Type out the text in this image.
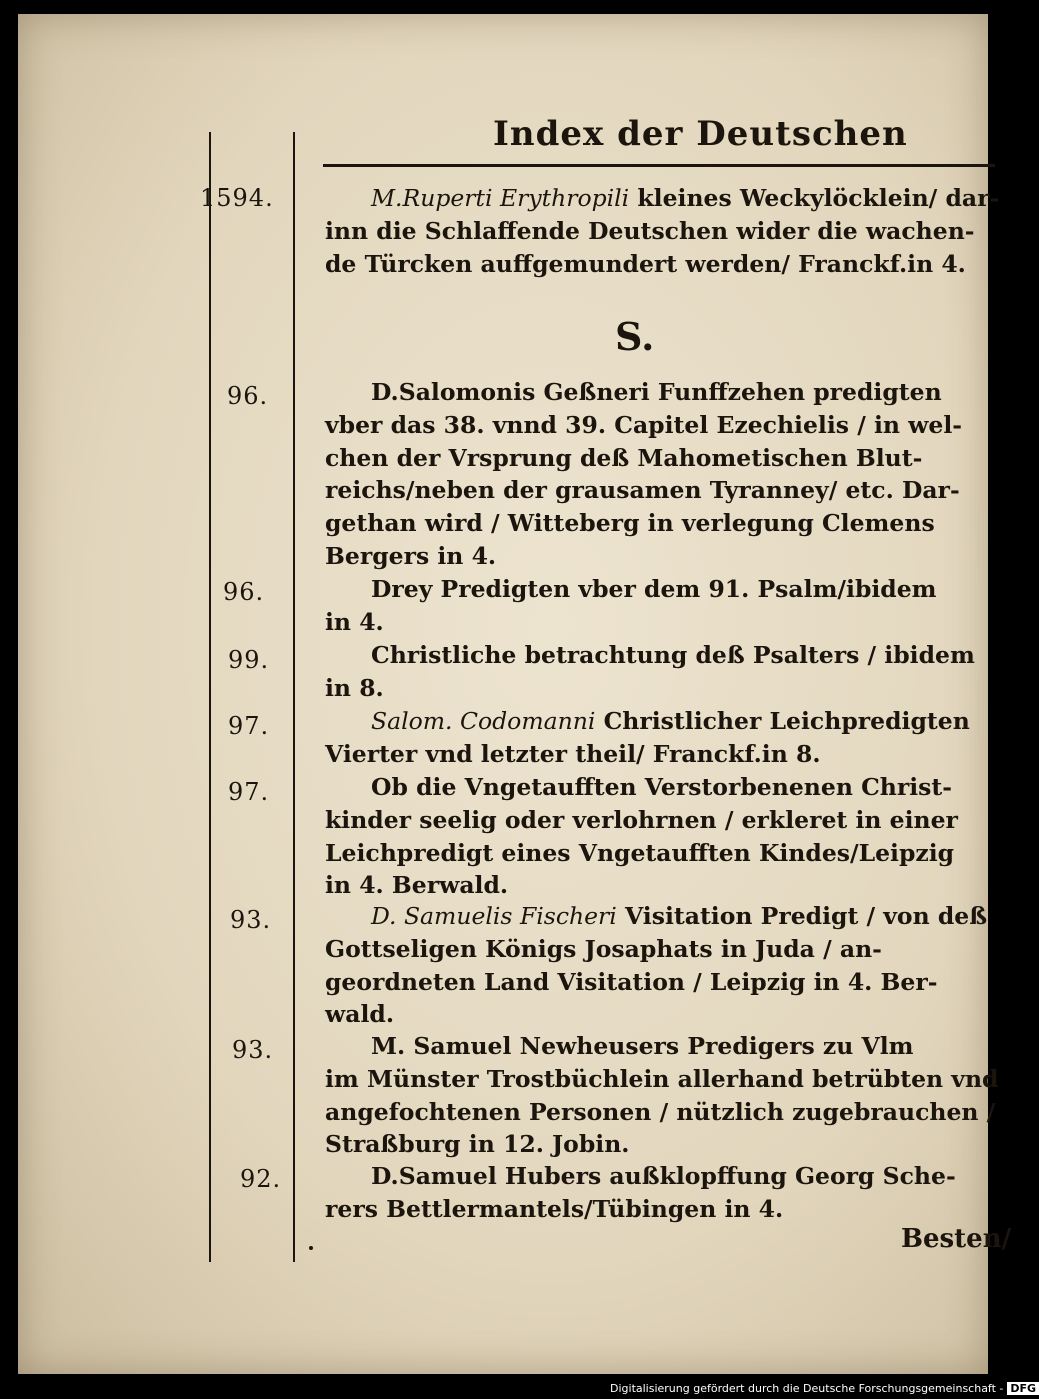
Index der Deutschen
1594.	M.Ruperti Erythropili kleines Weckylöcklein/ dar-
inn die Schlaffende Deutschen wider die wachen-
de Türcken auffgemundert werden/ Franckf.in 4.
S.
96.	D.Salomonis Geßneri Funffzehen predigten
vber das 38. vnnd 39. Capitel Ezechielis / in wel-
chen der Vrsprung deß Mahometischen Blut-
reichs/neben der grausamen Tyranney/ etc. Dar-
gethan wird / Witteberg in verlegung Clemens
Bergers in 4.
96.	Drey Predigten vber dem 91. Psalm/ibidem
in 4.
99.	Christliche betrachtung deß Psalters / ibidem
in 8.
97.	Salom. Codomanni Christlicher Leichpredigten
Vierter vnd letzter theil/ Franckf.in 8.
97.	Ob die Vngetaufften Verstorbenenen Christ-
kinder seelig oder verlohrnen / erkleret in einer
Leichpredigt eines Vngetaufften Kindes/Leipzig
in 4. Berwald.
93.	D. Samuelis Fischeri Visitation Predigt / von deß
Gottseligen Königs Josaphats in Juda / an-
geordneten Land Visitation / Leipzig in 4. Ber-
wald.
93.	M. Samuel Newheusers Predigers zu Vlm
im Münster Trostbüchlein allerhand betrübten vnd
angefochtenen Personen / nützlich zugebrauchen /
Straßburg in 12. Jobin.
92.	D.Samuel Hubers außklopffung Georg Sche-
rers Bettlermantels/Tübingen in 4.
Besten/
Digitalisierung gefördert durch die Deutsche Forschungsgemeinschaft - DFG
